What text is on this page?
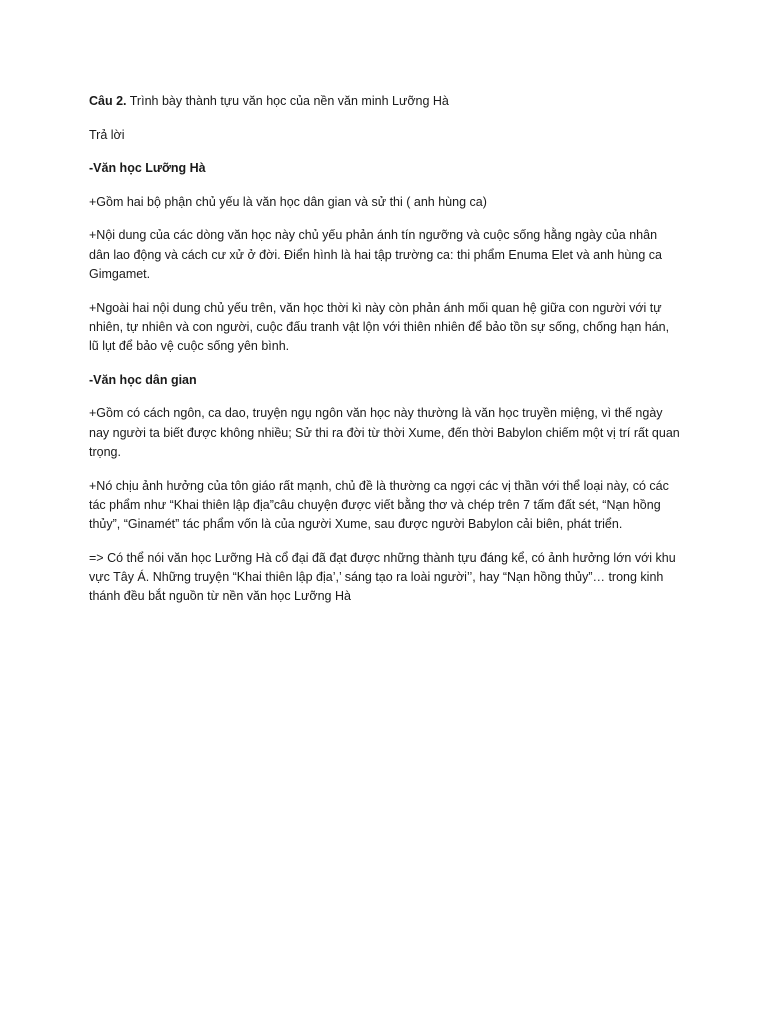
Câu 2. Trình bày thành tựu văn học của nền văn minh Lưỡng Hà

Trả lời

-Văn học Lưỡng Hà

+Gồm hai bộ phận chủ yếu là văn học dân gian và sử thi ( anh hùng ca)

+Nội dung của các dòng văn học này chủ yếu phản ánh tín ngưỡng và cuộc sống hằng ngày của nhân dân lao động và cách cư xử ở đời. Điển hình là hai tập trường ca: thi phẩm Enuma Elet và anh hùng ca Gimgamet.

+Ngoài hai nội dung chủ yếu trên, văn học thời kì này còn phản ánh mối quan hệ giữa con người với tự nhiên, tự nhiên và con người, cuộc đấu tranh vật lộn với thiên nhiên để bảo tồn sự sống, chống hạn hán, lũ lụt để bảo vệ cuộc sống yên bình.

-Văn học dân gian

+Gồm có cách ngôn, ca dao, truyện ngụ ngôn văn học này thường là văn học truyền miệng, vì thế ngày nay người ta biết được không nhiều; Sử thi ra đời từ thời Xume, đến thời Babylon chiếm một vị trí rất quan trọng.

+Nó chịu ảnh hưởng của tôn giáo rất mạnh, chủ đề là thường ca ngợi các vị thần với thể loại này, có các tác phẩm như “Khai thiên lập địa”câu chuyện được viết bằng thơ và chép trên 7 tấm đất sét, “Nạn hồng thủy”, “Ginamét” tác phẩm vốn là của người Xume, sau được người Babylon cải biên, phát triển.

=> Có thể nói văn học Lưỡng Hà cổ đại đã đạt được những thành tựu đáng kể, có ảnh hưởng lớn với khu vực Tây Á. Những truyện “Khai thiên lập địa’,’ sáng tạo ra loài người’’, hay “Nạn hồng thủy”… trong kinh thánh đều bắt nguồn từ nền văn học Lưỡng Hà
